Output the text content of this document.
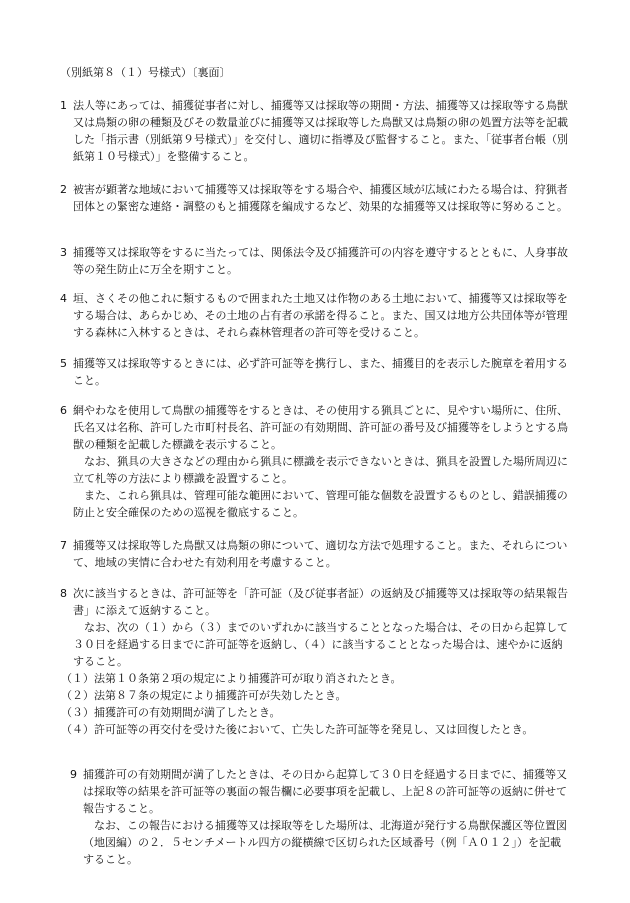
（別紙第８（１）号様式）〔裏面〕
1 法人等にあっては、捕獲従事者に対し、捕獲等又は採取等の期間・方法、捕獲等又は採取等する鳥獣又は鳥類の卵の種類及びその数量並びに捕獲等又は採取等した鳥獣又は鳥類の卵の処置方法等を記載した「指示書（別紙第９号様式）」を交付し、適切に指導及び監督すること。また、「従事者台帳（別紙第１０号様式）」を整備すること。

2 被害が顕著な地域において捕獲等又は採取等をする場合や、捕獲区域が広域にわたる場合は、狩猟者団体との緊密な連絡・調整のもと捕獲隊を編成するなど、効果的な捕獲等又は採取等に努めること。

3 捕獲等又は採取等をするに当たっては、関係法令及び捕獲許可の内容を遵守するとともに、人身事故等の発生防止に万全を期すこと。

4 垣、さくその他これに類するもので囲まれた土地又は作物のある土地において、捕獲等又は採取等をする場合は、あらかじめ、その土地の占有者の承諾を得ること。また、国又は地方公共団体等が管理する森林に入林するときは、それら森林管理者の許可等を受けること。

5 捕獲等又は採取等するときには、必ず許可証等を携行し、また、捕獲目的を表示した腕章を着用すること。

6 網やわなを使用して鳥獣の捕獲等をするときは、その使用する猟具ごとに、見やすい場所に、住所、氏名又は名称、許可した市町村長名、許可証の有効期間、許可証の番号及び捕獲等をしようとする鳥獣の種類を記載した標識を表示すること。

なお、猟具の大きさなどの理由から猟具に標識を表示できないときは、猟具を設置した場所周辺に立て札等の方法により標識を設置すること。

また、これら猟具は、管理可能な範囲において、管理可能な個数を設置するものとし、錯誤捕獲の防止と安全確保のための巡視を徹底すること。

7 捕獲等又は採取等した鳥獣又は鳥類の卵について、適切な方法で処理すること。また、それらについて、地域の実情に合わせた有効利用を考慮すること。

8 次に該当するときは、許可証等を「許可証（及び従事者証）の返納及び捕獲等又は採取等の結果報告書」に添えて返納すること。

なお、次の（１）から（３）までのいずれかに該当することとなった場合は、その日から起算して３０日を経過する日までに許可証等を返納し、（４）に該当することとなった場合は、速やかに返納すること。

（１）法第１０条第２項の規定により捕獲許可が取り消されたとき。

（２）法第８７条の規定により捕獲許可が失効したとき。

（３）捕獲許可の有効期間が満了したとき。

（４）許可証等の再交付を受けた後において、亡失した許可証等を発見し、又は回復したとき。

9 捕獲許可の有効期間が満了したときは、その日から起算して３０日を経過する日までに、捕獲等又は採取等の結果を許可証等の裏面の報告欄に必要事項を記載し、上記８の許可証等の返納に併せて報告すること。

なお、この報告における捕獲等又は採取等をした場所は、北海道が発行する鳥獣保護区等位置図（地図編）の２．５センチメートル四方の縦横線で区切られた区域番号（例「Ａ０１２」）を記載すること。
